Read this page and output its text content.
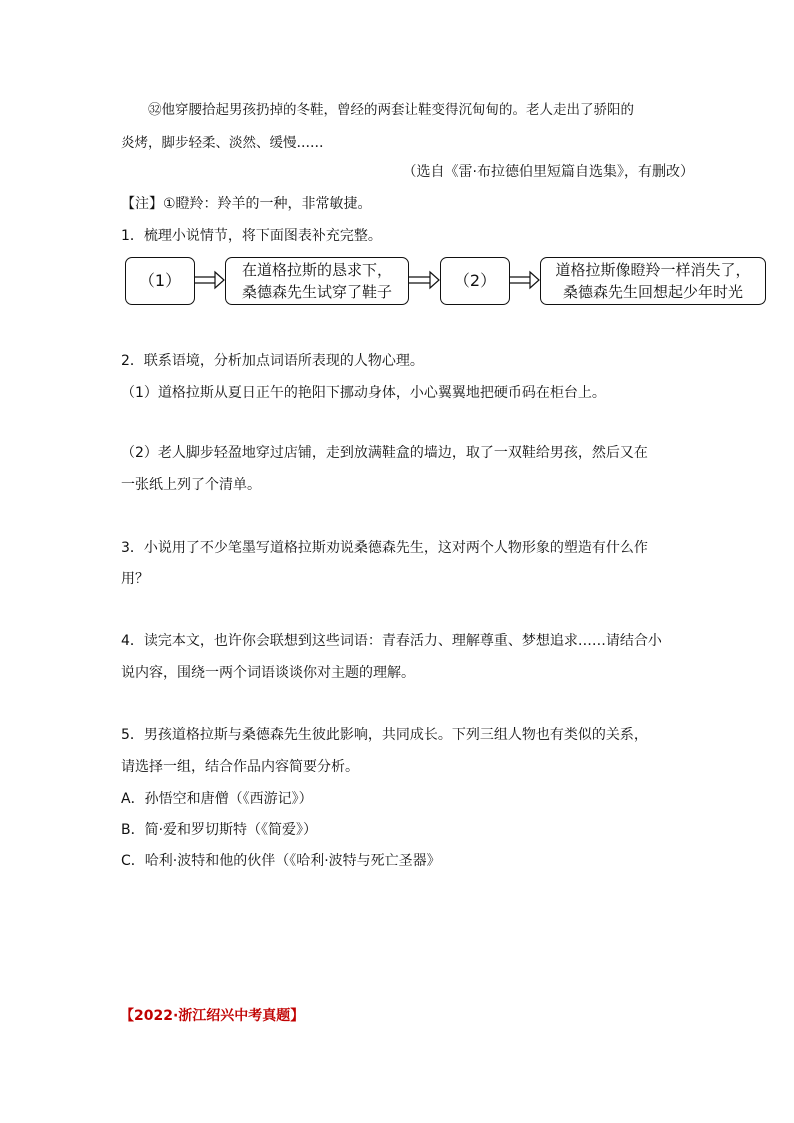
㉜他穿腰拾起男孩扔掉的冬鞋，曾经的两套让鞋变得沉甸甸的。老人走出了骄阳的
炎烤，脚步轻柔、淡然、缓慢……
（选自《雷·布拉德伯里短篇自选集》，有删改）
【注】①瞪羚：羚羊的一种，非常敏捷。
1．梳理小说情节，将下面图表补充完整。
（1）
在道格拉斯的恳求下，
桑德森先生试穿了鞋子
（2）
道格拉斯像瞪羚一样消失了，
桑德森先生回想起少年时光
2．联系语境，分析加点词语所表现的人物心理。
（1）道格拉斯从夏日正午的艳阳下挪动身体，小心翼翼地把硬币码在柜台上。
（2）老人脚步轻盈地穿过店铺，走到放满鞋盒的墙边，取了一双鞋给男孩，然后又在
一张纸上列了个清单。
3．小说用了不少笔墨写道格拉斯劝说桑德森先生，这对两个人物形象的塑造有什么作
用？
4．读完本文，也许你会联想到这些词语：青春活力、理解尊重、梦想追求……请结合小
说内容，围绕一两个词语谈谈你对主题的理解。
5．男孩道格拉斯与桑德森先生彼此影响，共同成长。下列三组人物也有类似的关系，
请选择一组，结合作品内容简要分析。
A．孙悟空和唐僧（《西游记》）
B．简·爱和罗切斯特（《简爱》）
C．哈利·波特和他的伙伴（《哈利·波特与死亡圣器》
【2022·浙江绍兴中考真题】
